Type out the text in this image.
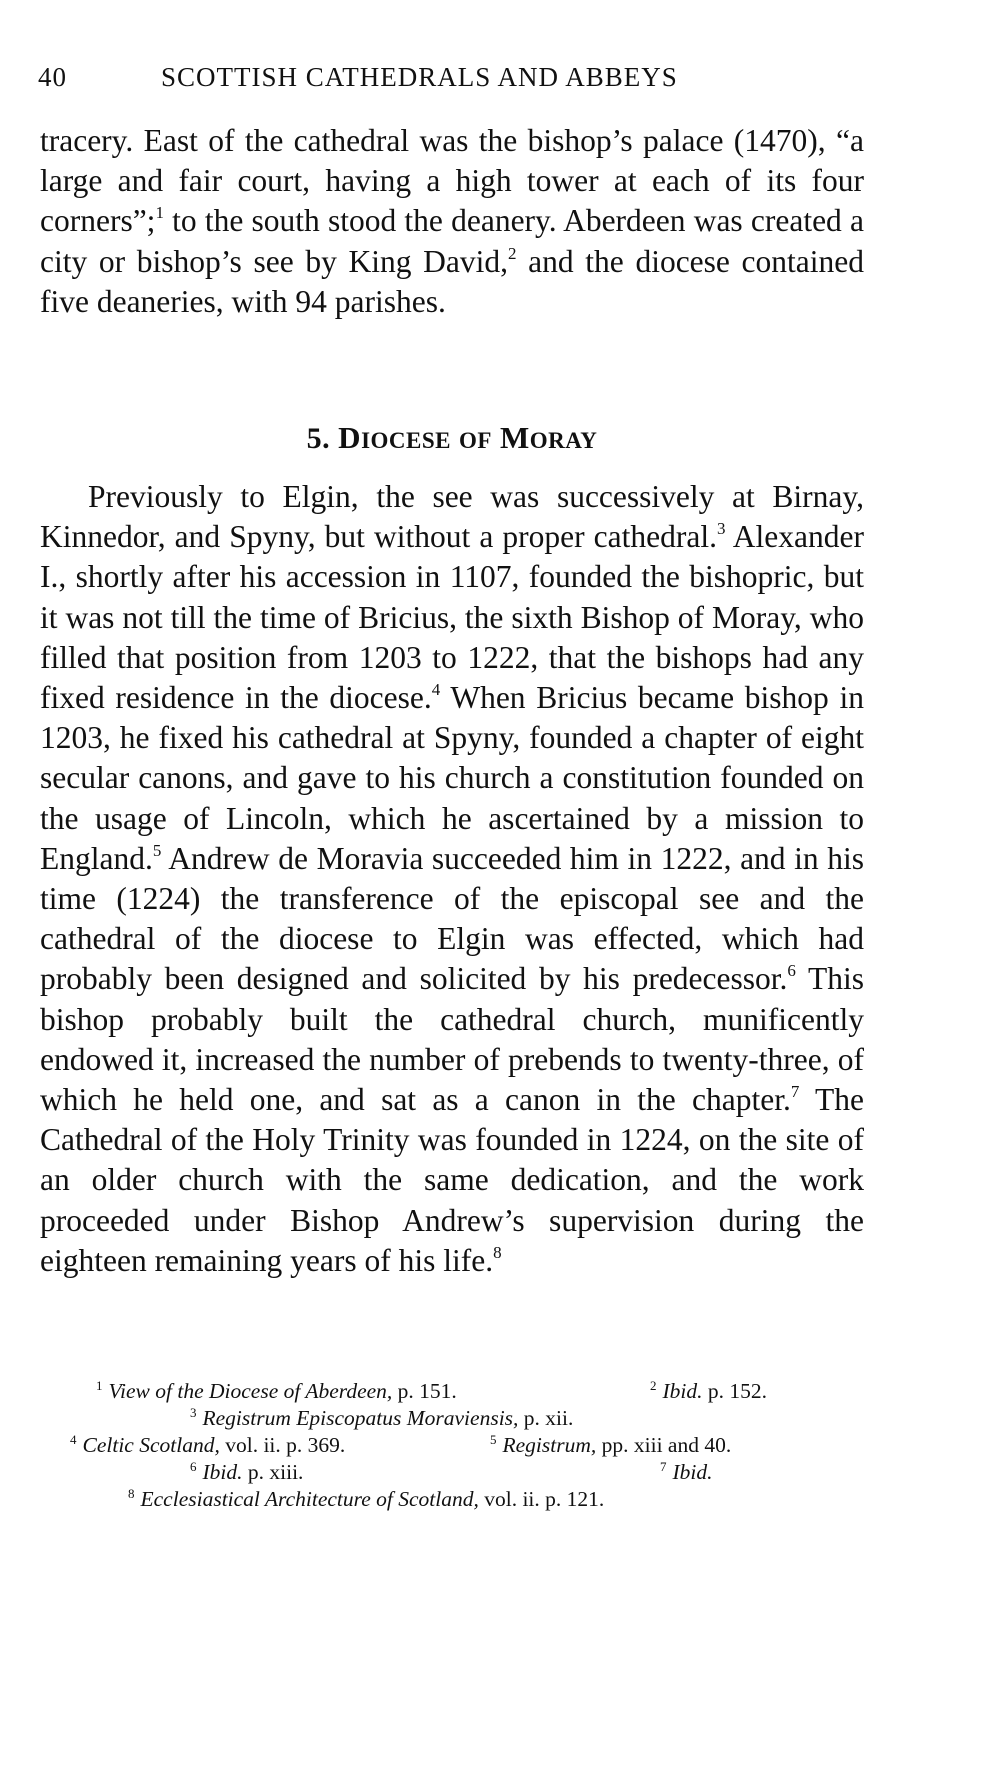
40	SCOTTISH CATHEDRALS AND ABBEYS

tracery. East of the cathedral was the bishop’s palace (1470), “a large and fair court, having a high tower at each of its four corners”;$^1$ to the south stood the deanery. Aberdeen was created a city or bishop’s see by King David,$^2$ and the diocese contained five deaneries, with 94 parishes.

5. DIOCESE OF MORAY

Previously to Elgin, the see was successively at Birnay, Kinnedor, and Spyny, but without a proper cathedral.$^3$ Alexander I., shortly after his accession in 1107, founded the bishopric, but it was not till the time of Bricius, the sixth Bishop of Moray, who filled that position from 1203 to 1222, that the bishops had any fixed residence in the diocese.$^4$ When Bricius became bishop in 1203, he fixed his cathedral at Spyny, founded a chapter of eight secular canons, and gave to his church a constitution founded on the usage of Lincoln, which he ascertained by a mission to England.$^5$ Andrew de Moravia succeeded him in 1222, and in his time (1224) the transference of the episcopal see and the cathedral of the diocese to Elgin was effected, which had probably been designed and solicited by his predecessor.$^6$ This bishop probably built the cathedral church, munificently endowed it, increased the number of prebends to twenty-three, of which he held one, and sat as a canon in the chapter.$^7$ The Cathedral of the Holy Trinity was founded in 1224, on the site of an older church with the same dedication, and the work proceeded under Bishop Andrew’s supervision during the eighteen remaining years of his life.$^8$

$^1$ View of the Diocese of Aberdeen, p. 151.	$^2$ Ibid. p. 152.
$^3$ Registrum Episcopatus Moraviensis, p. xii.
$^4$ Celtic Scotland, vol. ii. p. 369.	$^5$ Registrum, pp. xiii and 40.
$^6$ Ibid. p. xiii.	$^7$ Ibid.
$^8$ Ecclesiastical Architecture of Scotland, vol. ii. p. 121.
